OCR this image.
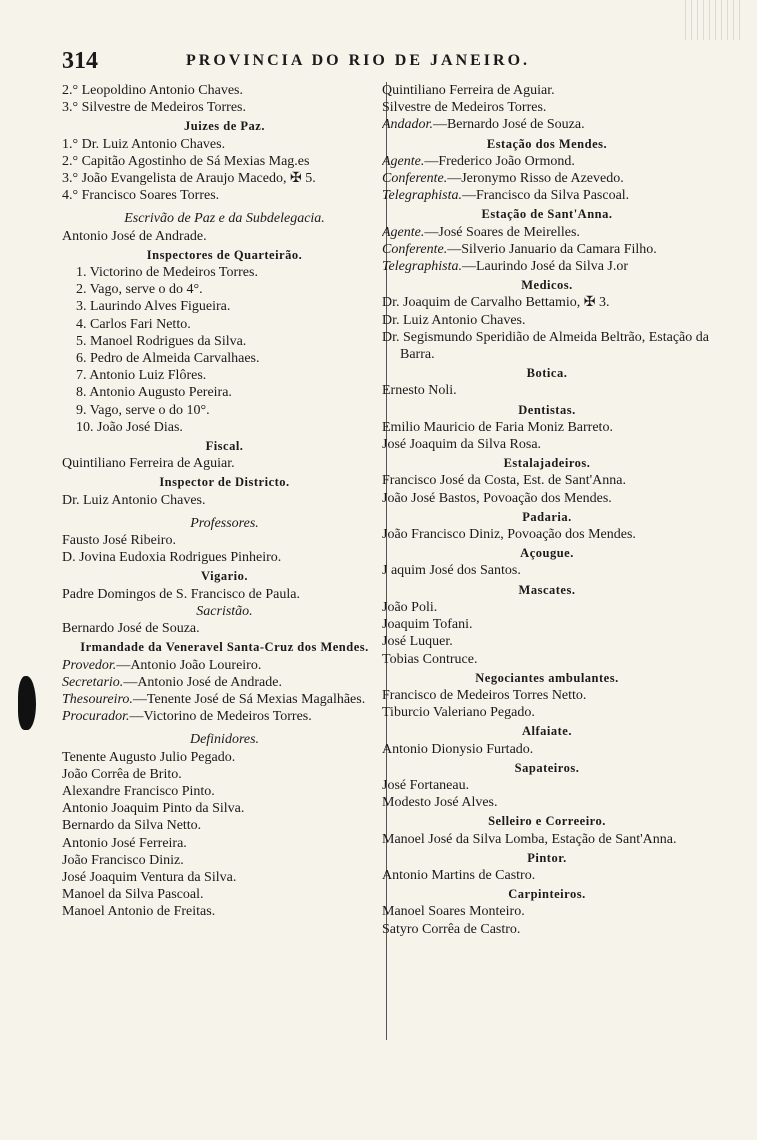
314	PROVINCIA DO RIO DE JANEIRO.
2.° Leopoldino Antonio Chaves.
3.° Silvestre de Medeiros Torres.
Juizes de Paz.
1.° Dr. Luiz Antonio Chaves.
2.° Capitão Agostinho de Sá Mexias Mag.es
3.° João Evangelista de Araujo Macedo, ✠ 5.
4.° Francisco Soares Torres.
Escrivão de Paz e da Subdelegacia.
Antonio José de Andrade.
Inspectores de Quarteirão.
1. Victorino de Medeiros Torres.
2. Vago, serve o do 4°.
3. Laurindo Alves Figueira.
4. Carlos Fari Netto.
5. Manoel Rodrigues da Silva.
6. Pedro de Almeida Carvalhaes.
7. Antonio Luiz Flôres.
8. Antonio Augusto Pereira.
9. Vago, serve o do 10°.
10. João José Dias.
Fiscal.
Quintiliano Ferreira de Aguiar.
Inspector de Districto.
Dr. Luiz Antonio Chaves.
Professores.
Fausto José Ribeiro.
D. Jovina Eudoxia Rodrigues Pinheiro.
Vigario.
Padre Domingos de S. Francisco de Paula.
Sacristão.
Bernardo José de Souza.
Irmandade da Veneravel Santa-Cruz dos Mendes.
Provedor.—Antonio João Loureiro.
Secretario.—Antonio José de Andrade.
Thesoureiro.—Tenente José de Sá Mexias Magalhães.
Procurador.—Victorino de Medeiros Torres.
Definidores.
Tenente Augusto Julio Pegado.
João Corrêa de Brito.
Alexandre Francisco Pinto.
Antonio Joaquim Pinto da Silva.
Bernardo da Silva Netto.
Antonio José Ferreira.
João Francisco Diniz.
José Joaquim Ventura da Silva.
Manoel da Silva Pascoal.
Manoel Antonio de Freitas.
Quintiliano Ferreira de Aguiar.
Silvestre de Medeiros Torres.
Andador.—Bernardo José de Souza.
Estação dos Mendes.
Agente.—Frederico João Ormond.
Conferente.—Jeronymo Risso de Azevedo.
Telegraphista.—Francisco da Silva Pascoal.
Estação de Sant'Anna.
Agente.—José Soares de Meirelles.
Conferente.—Silverio Januario da Camara Filho.
Telegraphista.—Laurindo José da Silva J.or
Medicos.
Dr. Joaquim de Carvalho Bettamio, ✠ 3.
Dr. Luiz Antonio Chaves.
Dr. Segismundo Speridião de Almeida Beltrão, Estação da Barra.
Botica.
Ernesto Noli.
Dentistas.
Emilio Mauricio de Faria Moniz Barreto.
José Joaquim da Silva Rosa.
Estalajadeiros.
Francisco José da Costa, Est. de Sant'Anna.
João José Bastos, Povoação dos Mendes.
Padaria.
João Francisco Diniz, Povoação dos Mendes.
Açougue.
J aquim José dos Santos.
Mascates.
João Poli.
Joaquim Tofani.
José Luquer.
Tobias Contruce.
Negociantes ambulantes.
Francisco de Medeiros Torres Netto.
Tiburcio Valeriano Pegado.
Alfaiate.
Antonio Dionysio Furtado.
Sapateiros.
José Fortaneau.
Modesto José Alves.
Selleiro e Correeiro.
Manoel José da Silva Lomba, Estação de Sant'Anna.
Pintor.
Antonio Martins de Castro.
Carpinteiros.
Manoel Soares Monteiro.
Satyro Corrêa de Castro.
